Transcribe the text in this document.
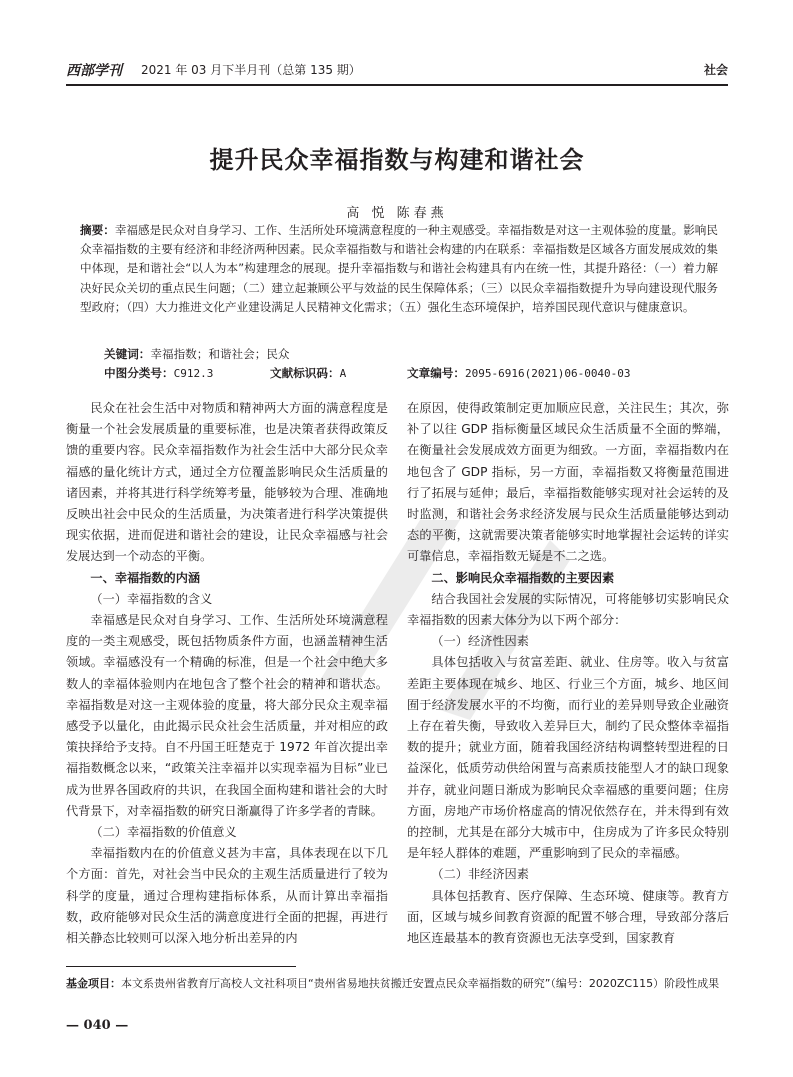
西部学刊 2021 年 03 月下半月刊（总第 135 期）	社会
提升民众幸福指数与构建和谐社会
高 悦 陈春燕
摘要：幸福感是民众对自身学习、工作、生活所处环境满意程度的一种主观感受。幸福指数是对这一主观体验的度量。影响民众幸福指数的主要有经济和非经济两种因素。民众幸福指数与和谐社会构建的内在联系：幸福指数是区域各方面发展成效的集中体现，是和谐社会“以人为本”构建理念的展现。提升幸福指数与和谐社会构建具有内在统一性，其提升路径：（一）着力解决好民众关切的重点民生问题；（二）建立起兼顾公平与效益的民生保障体系；（三）以民众幸福指数提升为导向建设现代服务型政府；（四）大力推进文化产业建设满足人民精神文化需求；（五）强化生态环境保护，培养国民现代意识与健康意识。
关键词：幸福指数；和谐社会；民众
中图分类号：C912.3	文献标识码：A	文章编号：2095-6916(2021)06-0040-03

民众在社会生活中对物质和精神两大方面的满意程度是衡量一个社会发展质量的重要标准，也是决策者获得政策反馈的重要内容。民众幸福指数作为社会生活中大部分民众幸福感的量化统计方式，通过全方位覆盖影响民众生活质量的诸因素，并将其进行科学统筹考量，能够较为合理、准确地反映出社会中民众的生活质量，为决策者进行科学决策提供现实依据，进而促进和谐社会的建设，让民众幸福感与社会发展达到一个动态的平衡。

一、幸福指数的内涵

（一）幸福指数的含义

幸福感是民众对自身学习、工作、生活所处环境满意程度的一类主观感受，既包括物质条件方面，也涵盖精神生活领域。幸福感没有一个精确的标准，但是一个社会中绝大多数人的幸福体验则内在地包含了整个社会的精神和谐状态。幸福指数是对这一主观体验的度量，将大部分民众主观幸福感受予以量化，由此揭示民众社会生活质量，并对相应的政策抉择给予支持。自不丹国王旺楚克于 1972 年首次提出幸福指数概念以来，“政策关注幸福并以实现幸福为目标”业已成为世界各国政府的共识，在我国全面构建和谐社会的大时代背景下，对幸福指数的研究日渐赢得了许多学者的青睐。

（二）幸福指数的价值意义

幸福指数内在的价值意义甚为丰富，具体表现在以下几个方面：首先，对社会当中民众的主观生活质量进行了较为科学的度量，通过合理构建指标体系，从而计算出幸福指数，政府能够对民众生活的满意度进行全面的把握，再进行相关静态比较则可以深入地分析出差异的内

在原因，使得政策制定更加顺应民意，关注民生；其次，弥补了以往 GDP 指标衡量区域民众生活质量不全面的弊端，在衡量社会发展成效方面更为细致。一方面，幸福指数内在地包含了 GDP 指标，另一方面，幸福指数又将衡量范围进行了拓展与延伸；最后，幸福指数能够实现对社会运转的及时监测，和谐社会务求经济发展与民众生活质量能够达到动态的平衡，这就需要决策者能够实时地掌握社会运转的详实可靠信息，幸福指数无疑是不二之选。

二、影响民众幸福指数的主要因素

结合我国社会发展的实际情况，可将能够切实影响民众幸福指数的因素大体分为以下两个部分：

（一）经济性因素

具体包括收入与贫富差距、就业、住房等。收入与贫富差距主要体现在城乡、地区、行业三个方面，城乡、地区间囿于经济发展水平的不均衡，而行业的差异则导致企业融资上存在着失衡，导致收入差异巨大，制约了民众整体幸福指数的提升；就业方面，随着我国经济结构调整转型进程的日益深化，低质劳动供给闲置与高素质技能型人才的缺口现象并存，就业问题日渐成为影响民众幸福感的重要问题；住房方面，房地产市场价格虚高的情况依然存在，并未得到有效的控制，尤其是在部分大城市中，住房成为了许多民众特别是年轻人群体的难题，严重影响到了民众的幸福感。

（二）非经济因素

具体包括教育、医疗保障、生态环境、健康等。教育方面，区域与城乡间教育资源的配置不够合理，导致部分落后地区连最基本的教育资源也无法享受到，国家教育

基金项目：本文系贵州省教育厅高校人文社科项目“贵州省易地扶贫搬迁安置点民众幸福指数的研究”（编号：2020ZC115）阶段性成果
— 040 —
